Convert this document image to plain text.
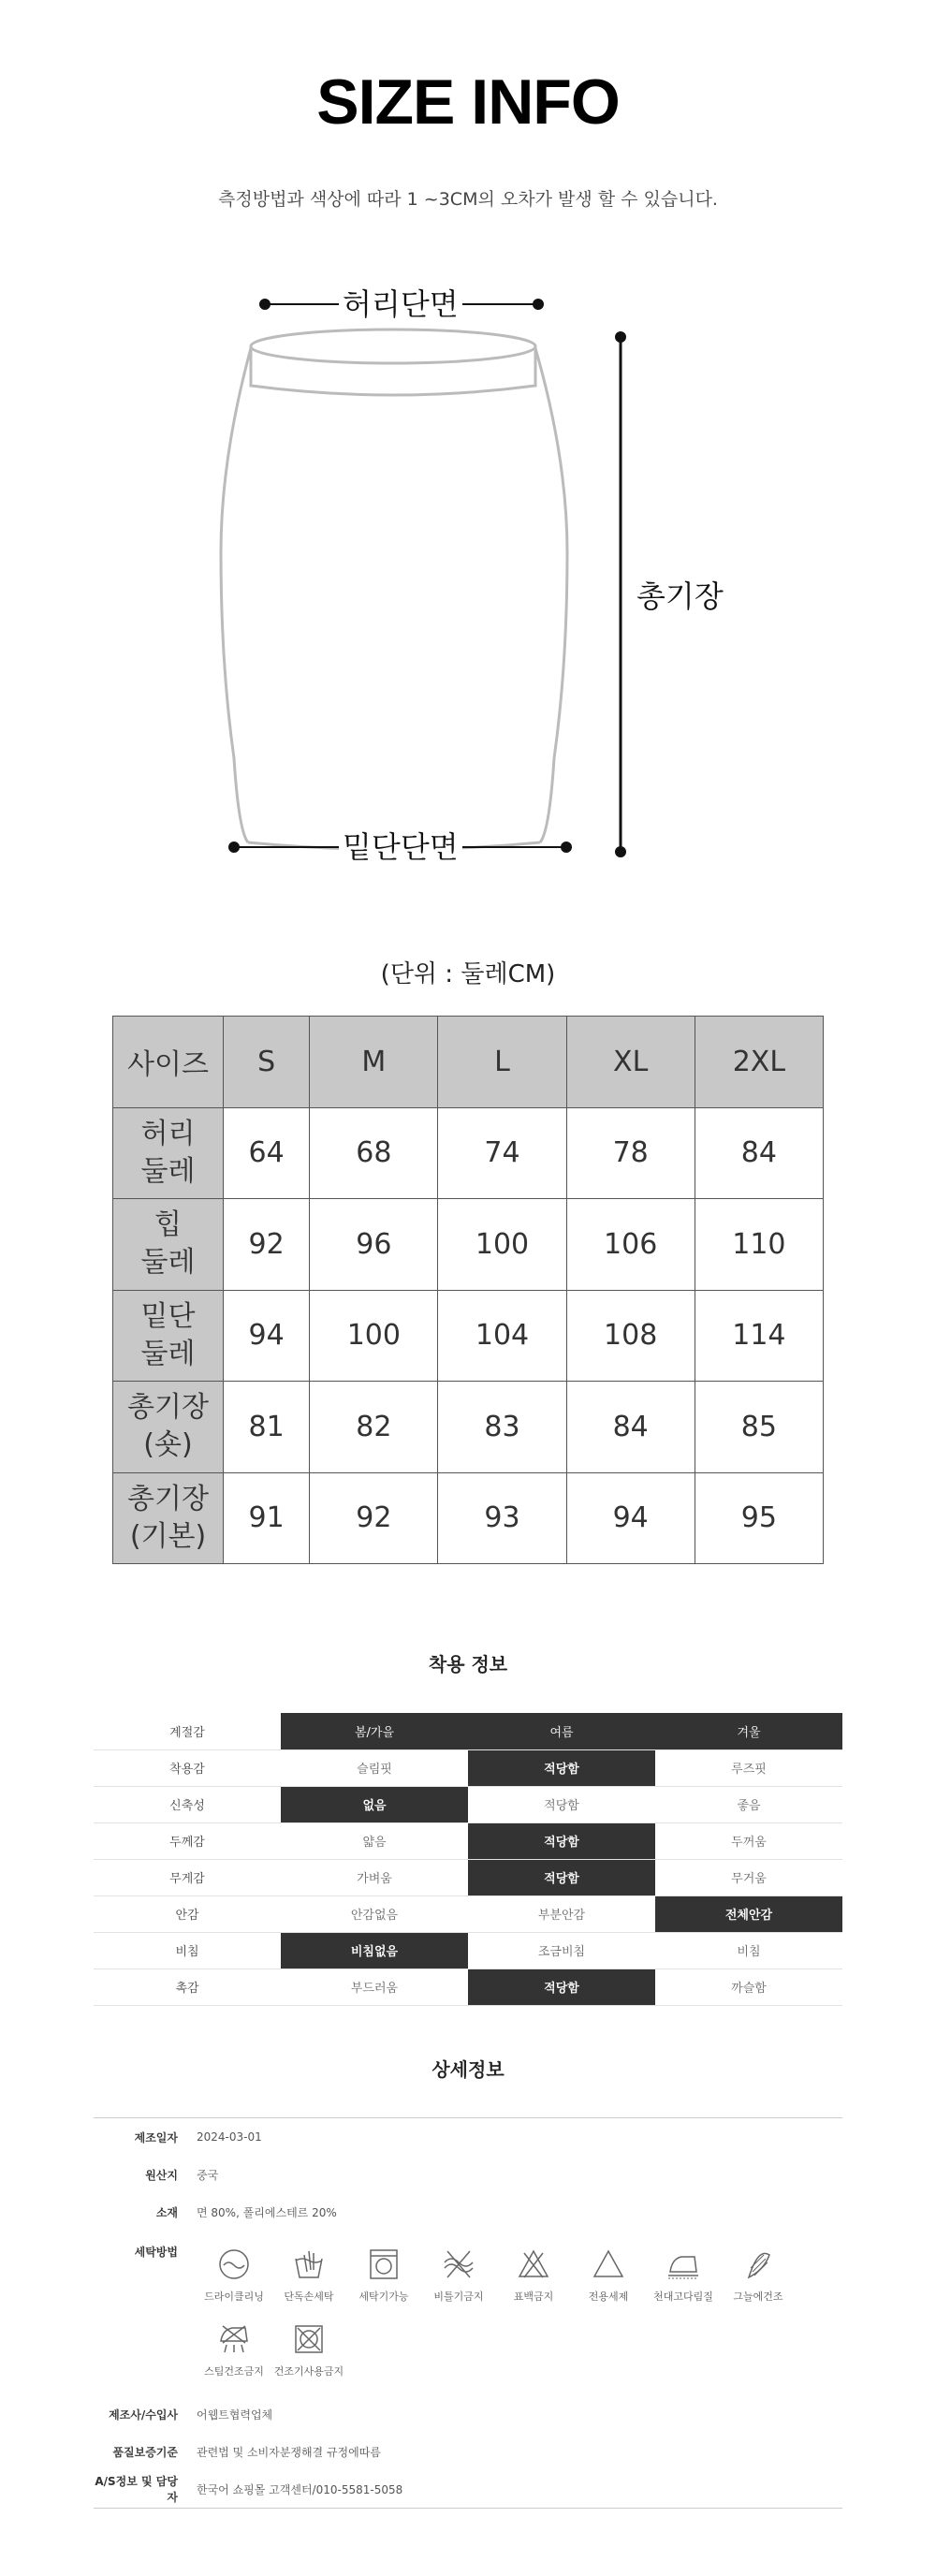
SIZE INFO
측정방법과 색상에 따라 1 ~3CM의 오차가 발생 할 수 있습니다.
허리단면
밑단단면
총기장
(단위 : 둘레CM)
사이즈	S	M	L	XL	2XL

허리
둘레	64	68	74	78	84

힙
둘레	92	96	100	106	110

밑단
둘레	94	100	104	108	114

총기장
(숏)	81	82	83	84	85

총기장
(기본)	91	92	93	94	95
착용 정보
계절감	봄/가을	여름	겨울
착용감	슬림핏	적당함	루즈핏
신축성	없음	적당함	좋음
두께감	얇음	적당함	두꺼움
무게감	가벼움	적당함	무거움
안감	안감없음	부분안감	전체안감
비침	비침없음	조금비침	비침
촉감	부드러움	적당함	까슬함
상세정보
제조일자	2024-03-01
원산지	중국
소재	면 80%, 폴리에스테르 20%
세탁방법
드라이클리닝 단독손세탁 세탁기가능 비틀기금지	표백금지	전용세제 천대고다림질 그늘에건조
스팀건조금지 건조기사용금지
제조사/수입사	어웹트협력업체
품질보증기준	관련법 및 소비자분쟁해결 규정에따름
A/S정보 및 담당자
한국어 쇼핑몰 고객센터/010-5581-5058
